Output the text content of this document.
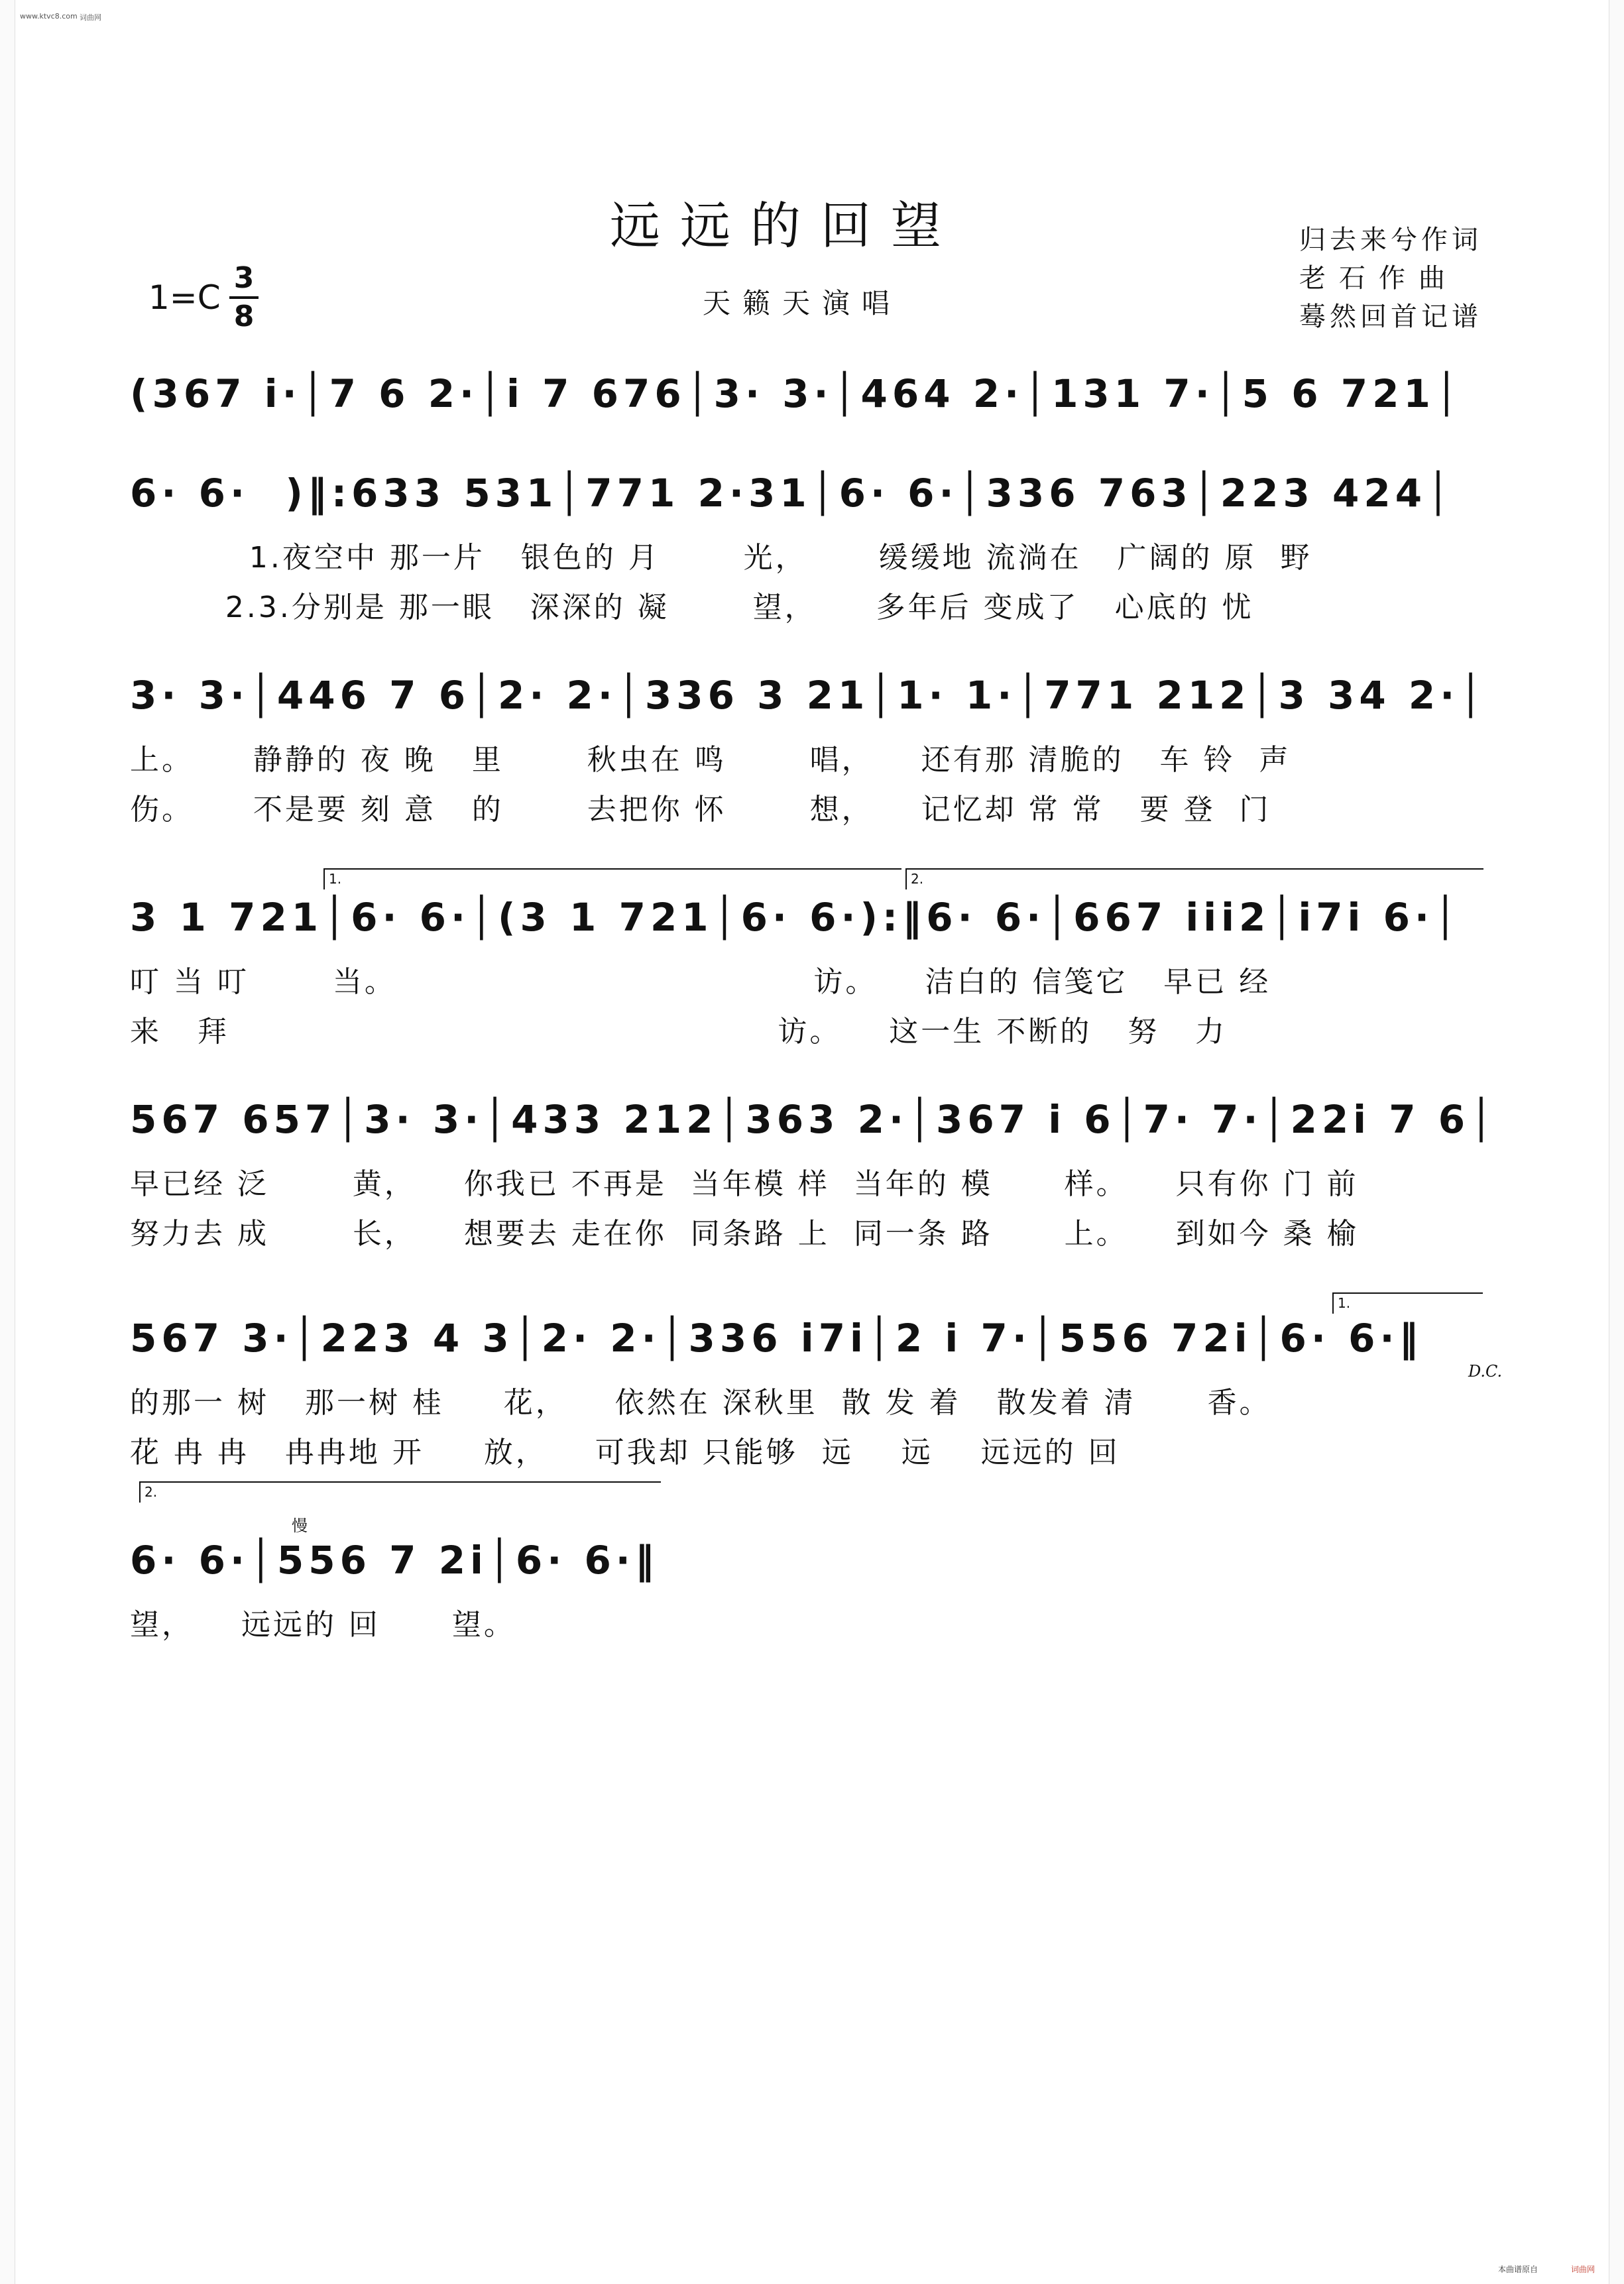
www.ktvc8.com 词曲网
远远的回望
1=C
3
8	天籁天演唱
归去来兮作词
老石作曲
蓦然回首记谱
(367 i·│7 6 2·│i 7 676│3· 3·│464 2·│131 7·│5 6 721│
6· 6·  )‖:633 531│771 2·31│6· 6·│336 763│223 424│
1.夜空中 那一片   银色的 月       光，      缓缓地 流淌在   广阔的 原  野
2.3.分别是 那一眼   深深的 凝       望，     多年后 变成了   心底的 忧
3· 3·│446 7 6│2· 2·│336 3 21│1· 1·│771 212│3 34 2·│
上。     静静的 夜 晚   里       秋虫在 鸣       唱，    还有那 清脆的   车 铃  声
伤。     不是要 刻 意   的       去把你 怀       想，    记忆却 常 常   要 登  门
1.	2.
3 1 721│6· 6·│(3 1 721│6· 6·):‖6· 6·│667 iii2│i7i 6·│
叮 当 叮       当。                                   访。    洁白的 信笺它   早已 经
来   拜                                              访。    这一生 不断的   努   力
567 657│3· 3·│433 212│363 2·│367 i 6│7· 7·│22i 7 6│
早已经 泛       黄，    你我已 不再是  当年模 样  当年的 模      样。    只有你 门 前
努力去 成       长，    想要去 走在你  同条路 上  同一条 路      上。    到如今 桑 榆
1.
567 3·│223 4 3│2· 2·│336 i7i│2 i 7·│556 72i│6· 6·‖
的那一 树   那一树 桂     花，    依然在 深秋里  散 发 着   散发着 清      香。
花 冉 冉   冉冉地 开     放，    可我却 只能够  远    远    远远的 回
D.C.
2.
慢
6· 6·│556 7 2i│6· 6·‖
望，    远远的 回      望。
本曲谱原自	词曲网
